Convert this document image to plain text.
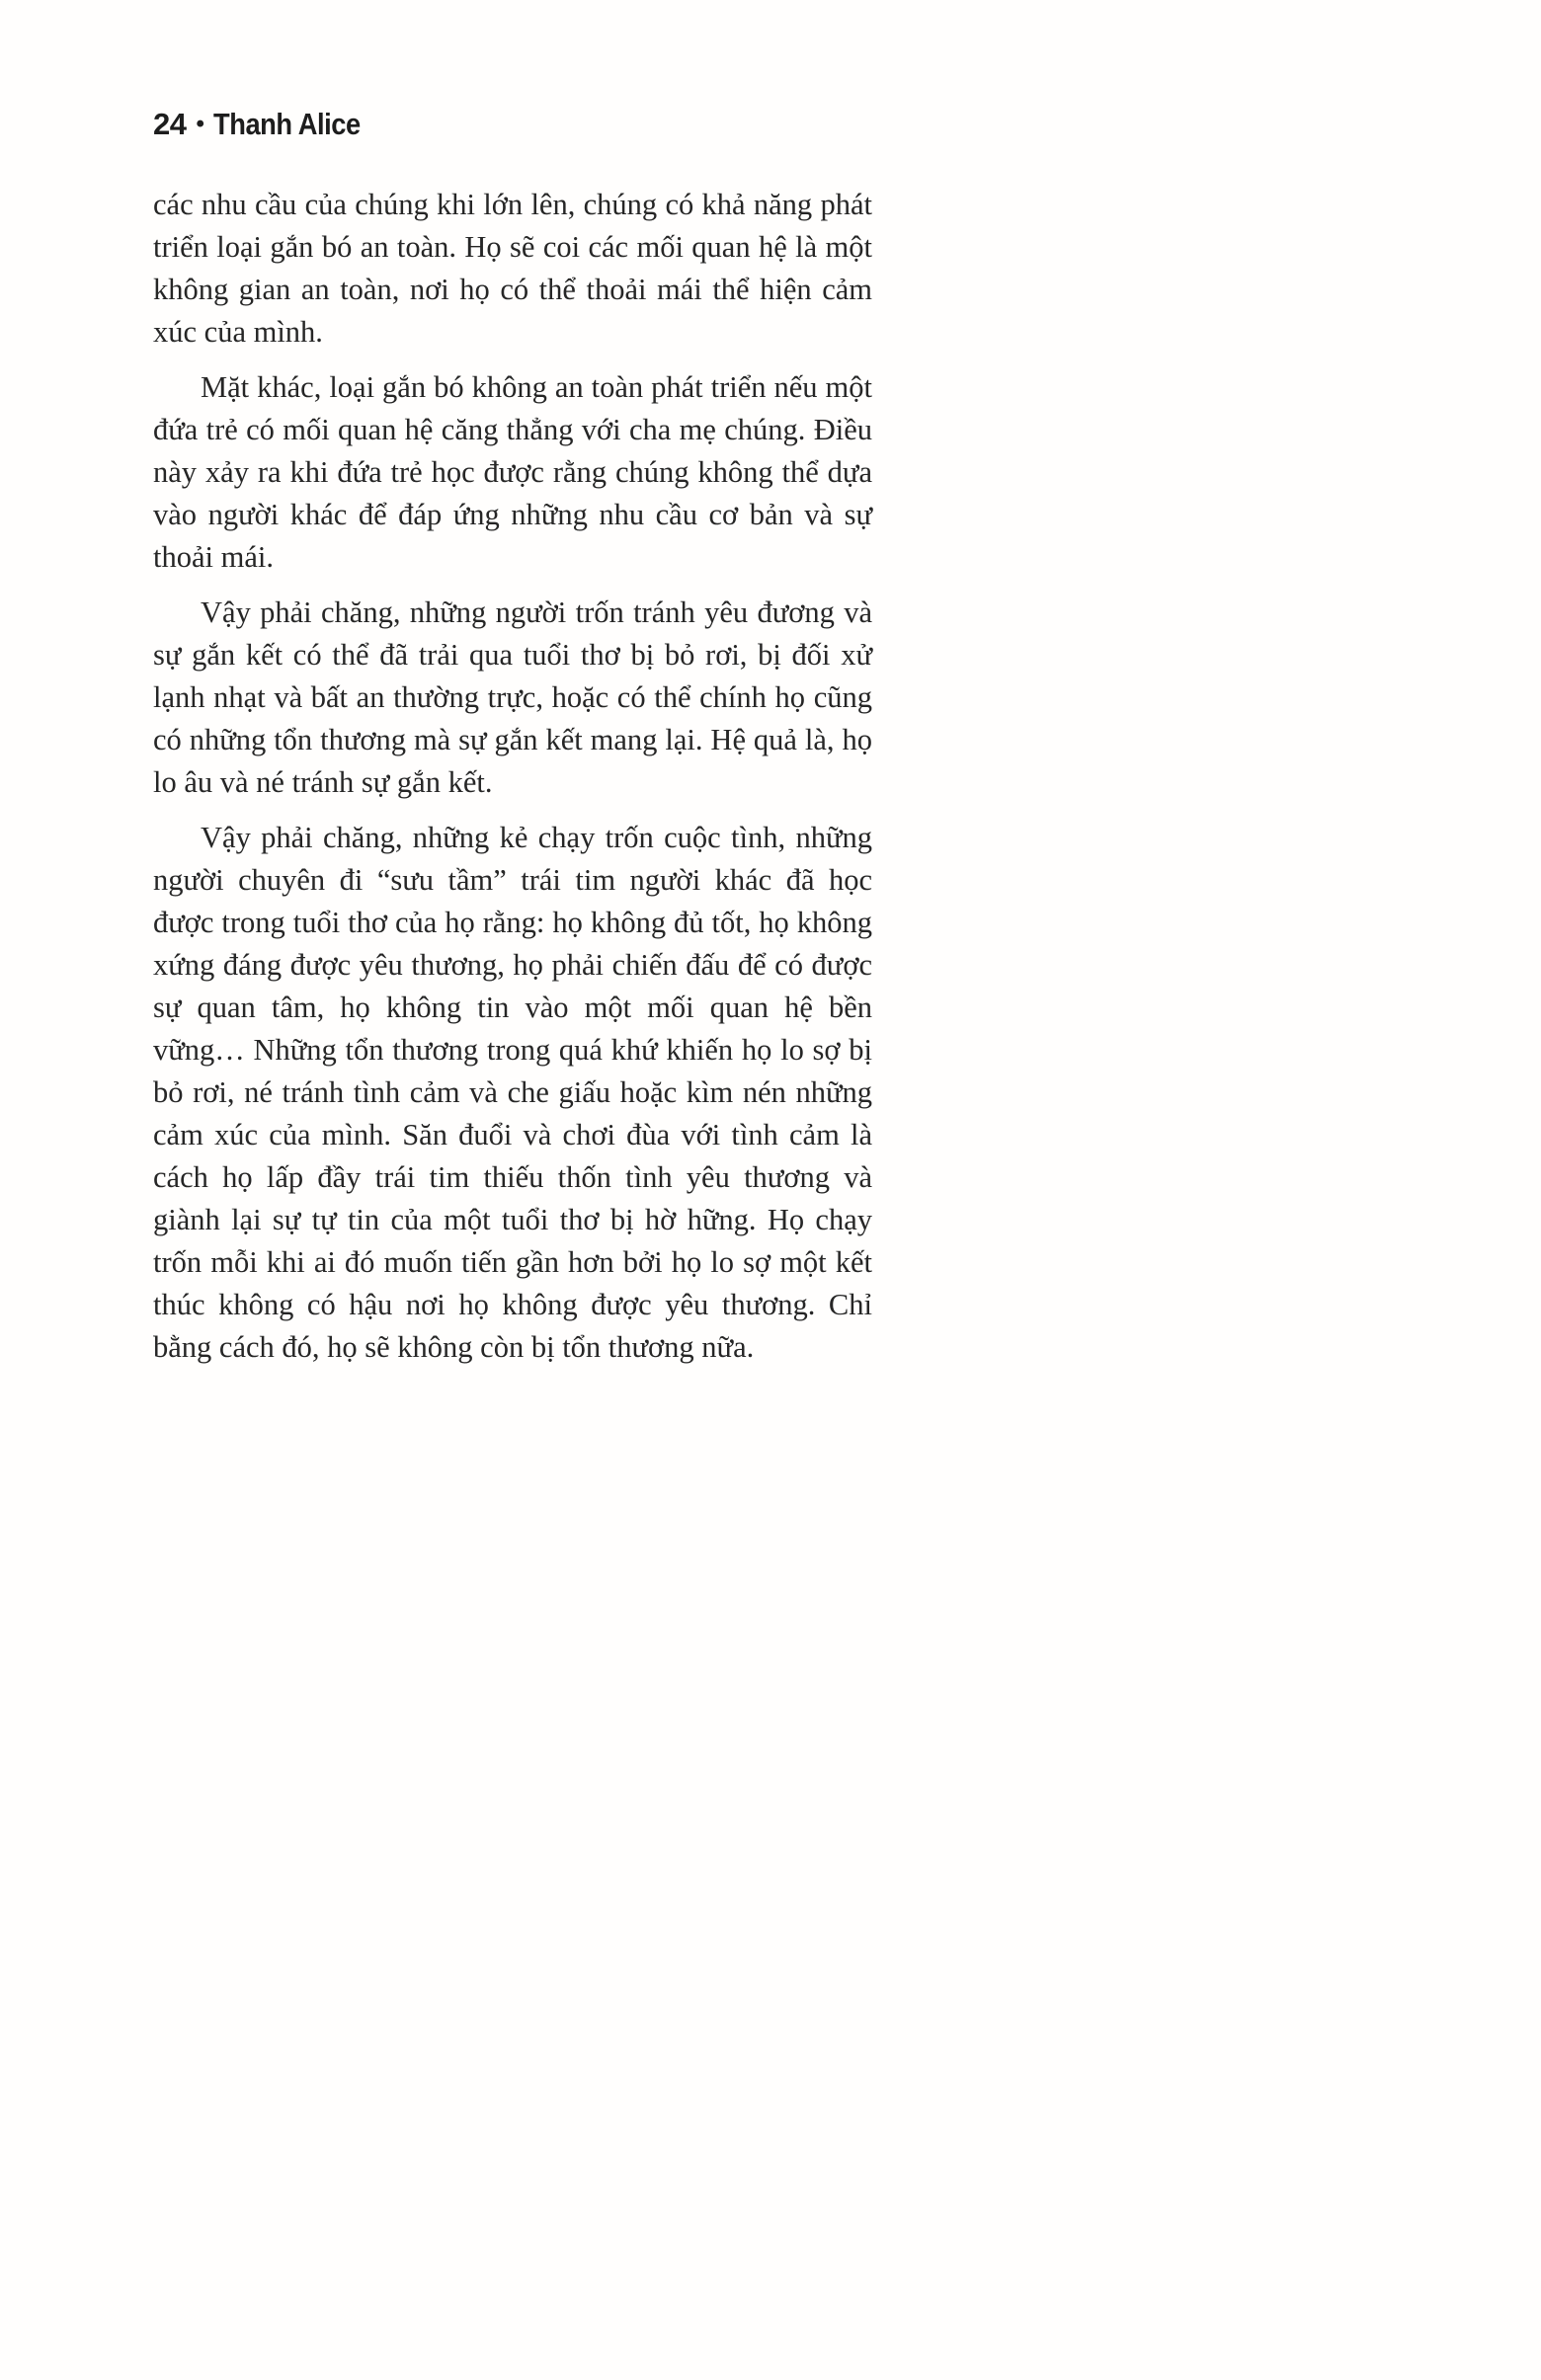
24 • Thanh Alice

các nhu cầu của chúng khi lớn lên, chúng có khả năng phát triển loại gắn bó an toàn. Họ sẽ coi các mối quan hệ là một không gian an toàn, nơi họ có thể thoải mái thể hiện cảm xúc của mình.

Mặt khác, loại gắn bó không an toàn phát triển nếu một đứa trẻ có mối quan hệ căng thẳng với cha mẹ chúng. Điều này xảy ra khi đứa trẻ học được rằng chúng không thể dựa vào người khác để đáp ứng những nhu cầu cơ bản và sự thoải mái.

Vậy phải chăng, những người trốn tránh yêu đương và sự gắn kết có thể đã trải qua tuổi thơ bị bỏ rơi, bị đối xử lạnh nhạt và bất an thường trực, hoặc có thể chính họ cũng có những tổn thương mà sự gắn kết mang lại. Hệ quả là, họ lo âu và né tránh sự gắn kết.

Vậy phải chăng, những kẻ chạy trốn cuộc tình, những người chuyên đi “sưu tầm” trái tim người khác đã học được trong tuổi thơ của họ rằng: họ không đủ tốt, họ không xứng đáng được yêu thương, họ phải chiến đấu để có được sự quan tâm, họ không tin vào một mối quan hệ bền vững… Những tổn thương trong quá khứ khiến họ lo sợ bị bỏ rơi, né tránh tình cảm và che giấu hoặc kìm nén những cảm xúc của mình. Săn đuổi và chơi đùa với tình cảm là cách họ lấp đầy trái tim thiếu thốn tình yêu thương và giành lại sự tự tin của một tuổi thơ bị hờ hững. Họ chạy trốn mỗi khi ai đó muốn tiến gần hơn bởi họ lo sợ một kết thúc không có hậu nơi họ không được yêu thương. Chỉ bằng cách đó, họ sẽ không còn bị tổn thương nữa.
